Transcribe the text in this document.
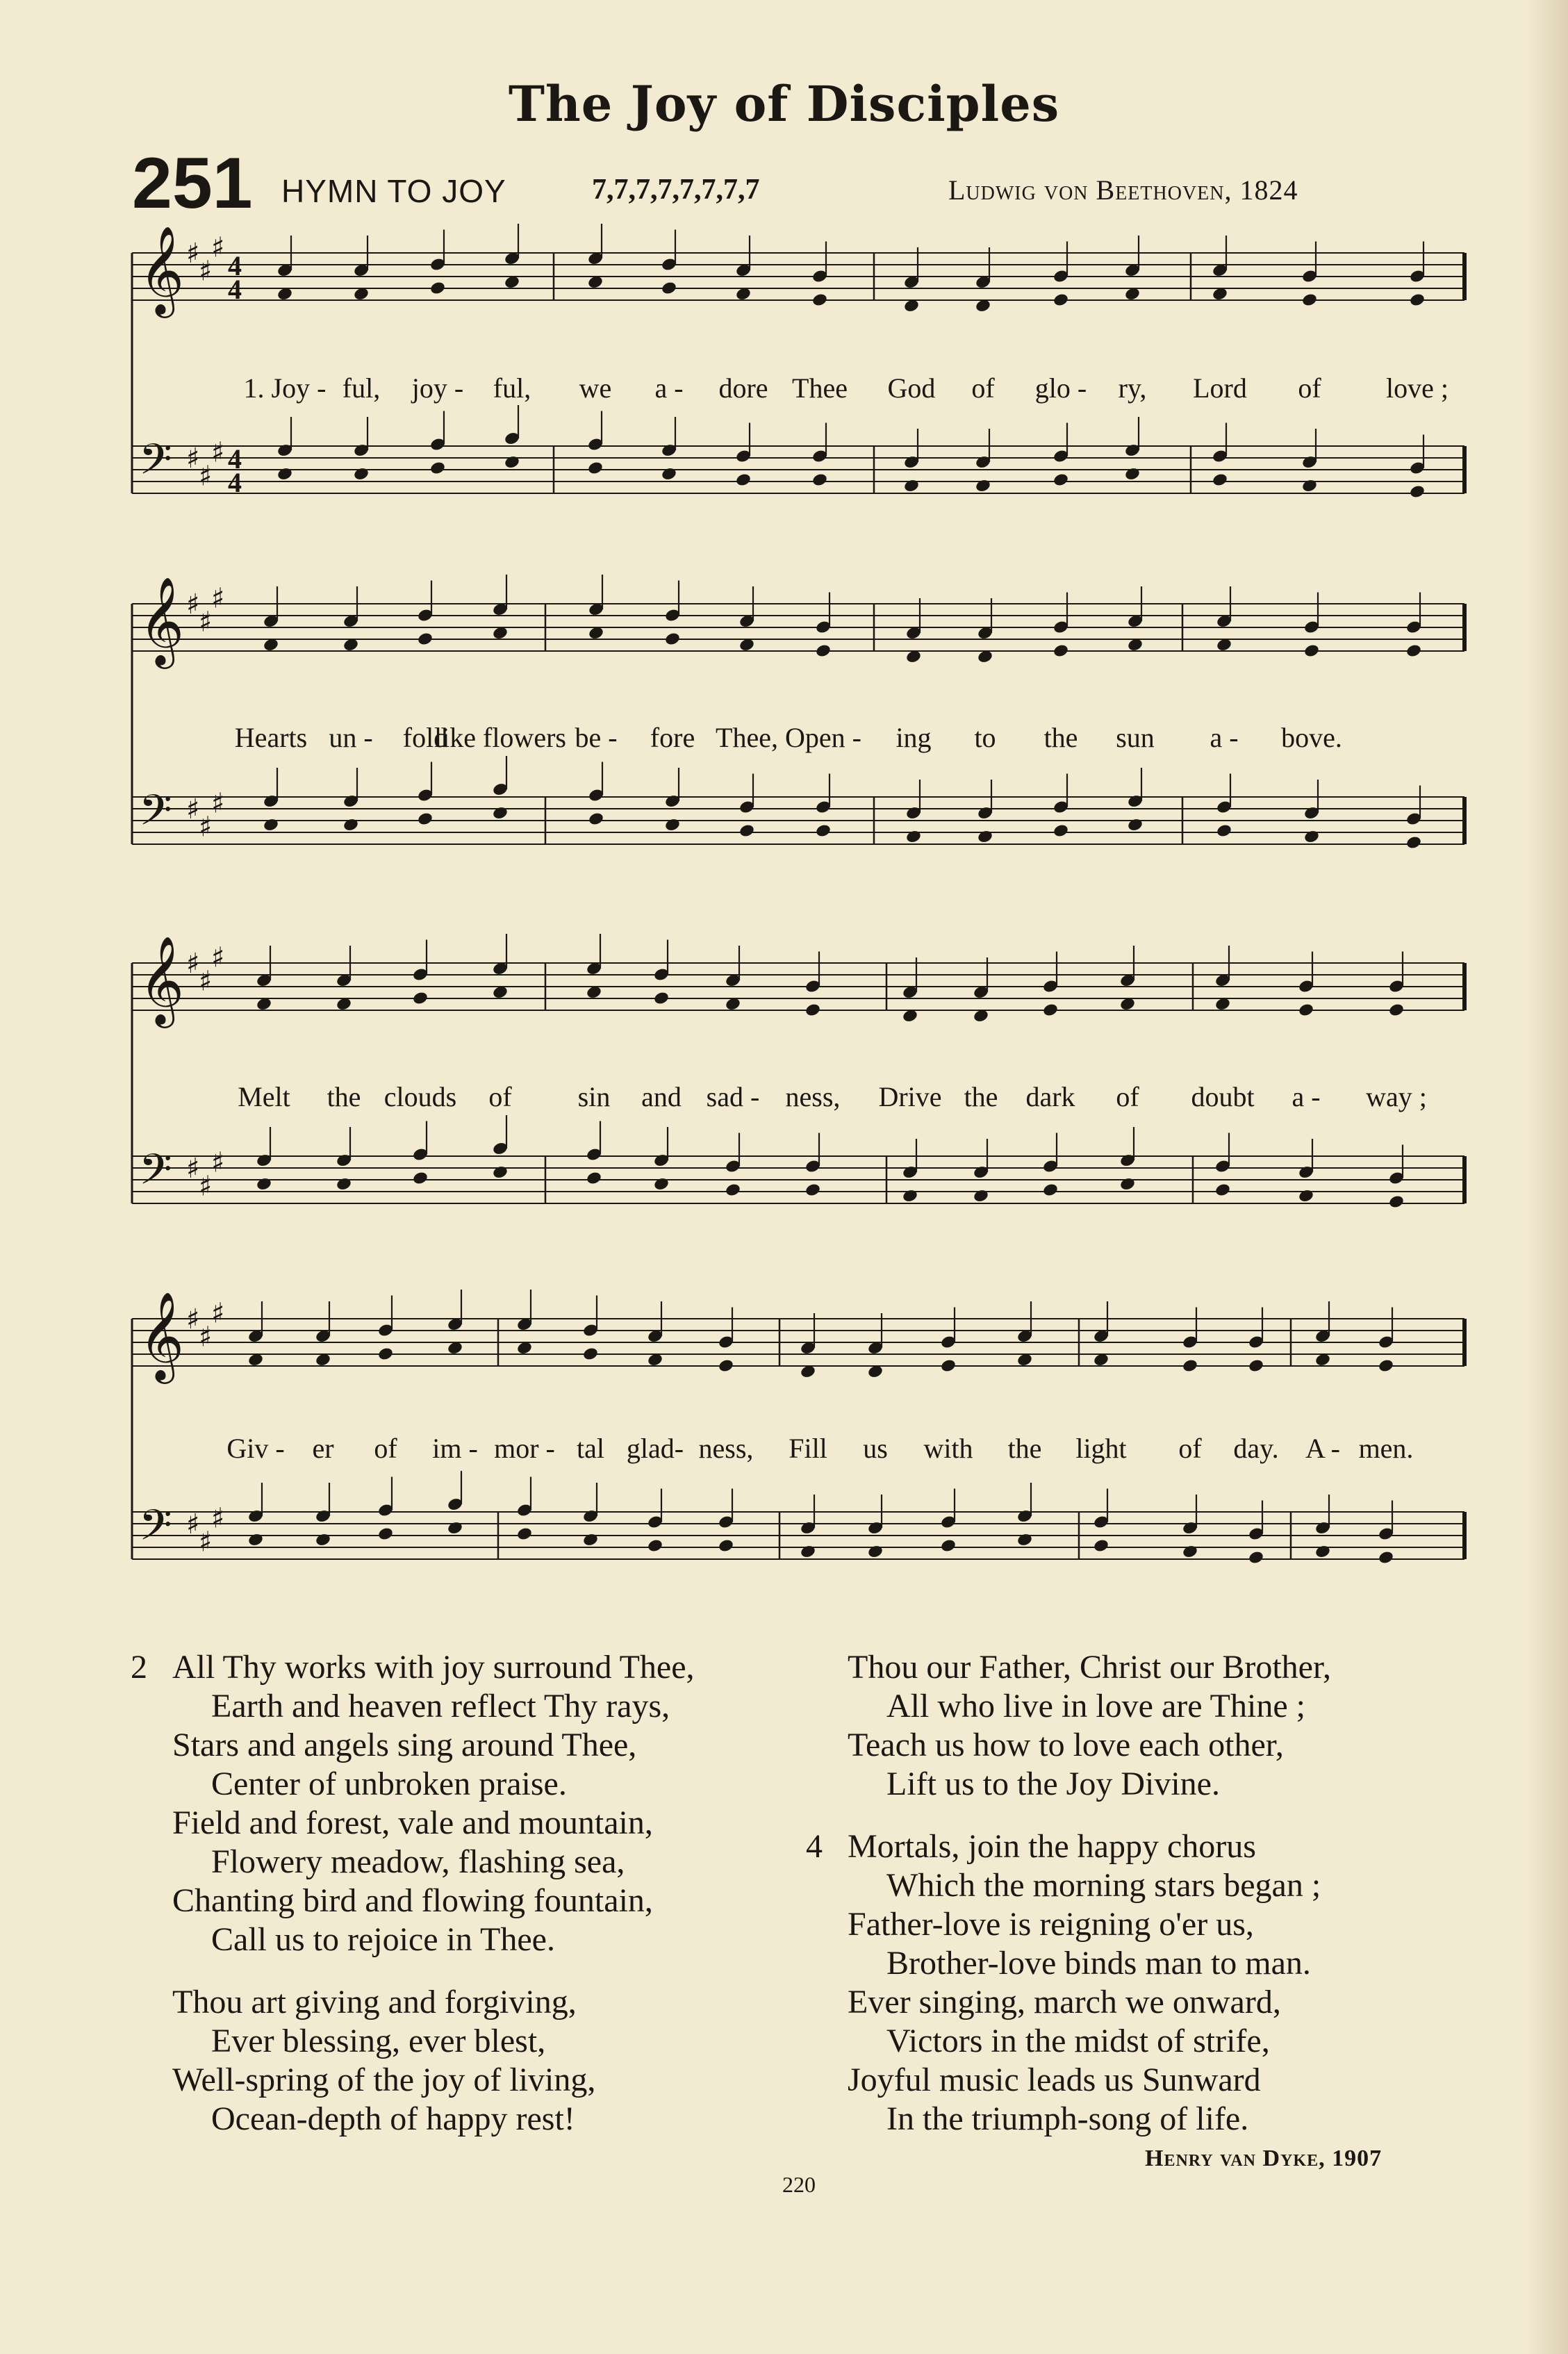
The Joy of Disciples
251 HYMN TO JOY	7,7,7,7,7,7,7,7	Ludwig von Beethoven, 1824
𝄞 ♯
♯
♯
4
4
𝄢 ♯
♯
♯ 4
4
1. Joy - ful, joy - ful, we a - dore Thee God of glo - ry, Lord of love ;
𝄞 ♯
♯
♯
𝄢 ♯
♯
♯
Hearts un - fold
like flowers be - fore Thee, Open - ing to the sun a - bove.
𝄞 ♯
♯
♯
𝄢 ♯
♯
♯
Melt the clouds of sin and sad - ness, Drive the dark of doubt a - way ;
𝄞 ♯
♯
♯
𝄢 ♯
♯
♯
Giv - er of im - mor - tal glad- ness, Fill us with the light of day. A - men.
2 All Thy works with joy surround Thee,
Earth and heaven reflect Thy rays,
Stars and angels sing around Thee,
Center of unbroken praise.
Field and forest, vale and mountain,
Flowery meadow, flashing sea,
Chanting bird and flowing fountain,
Call us to rejoice in Thee.
Thou art giving and forgiving,
Ever blessing, ever blest,
Well-spring of the joy of living,
Ocean-depth of happy rest!
Thou our Father, Christ our Brother,
All who live in love are Thine ;
Teach us how to love each other,
Lift us to the Joy Divine.
4 Mortals, join the happy chorus
Which the morning stars began ;
Father-love is reigning o'er us,
Brother-love binds man to man.
Ever singing, march we onward,
Victors in the midst of strife,
Joyful music leads us Sunward
In the triumph-song of life.
Henry van Dyke, 1907
220
